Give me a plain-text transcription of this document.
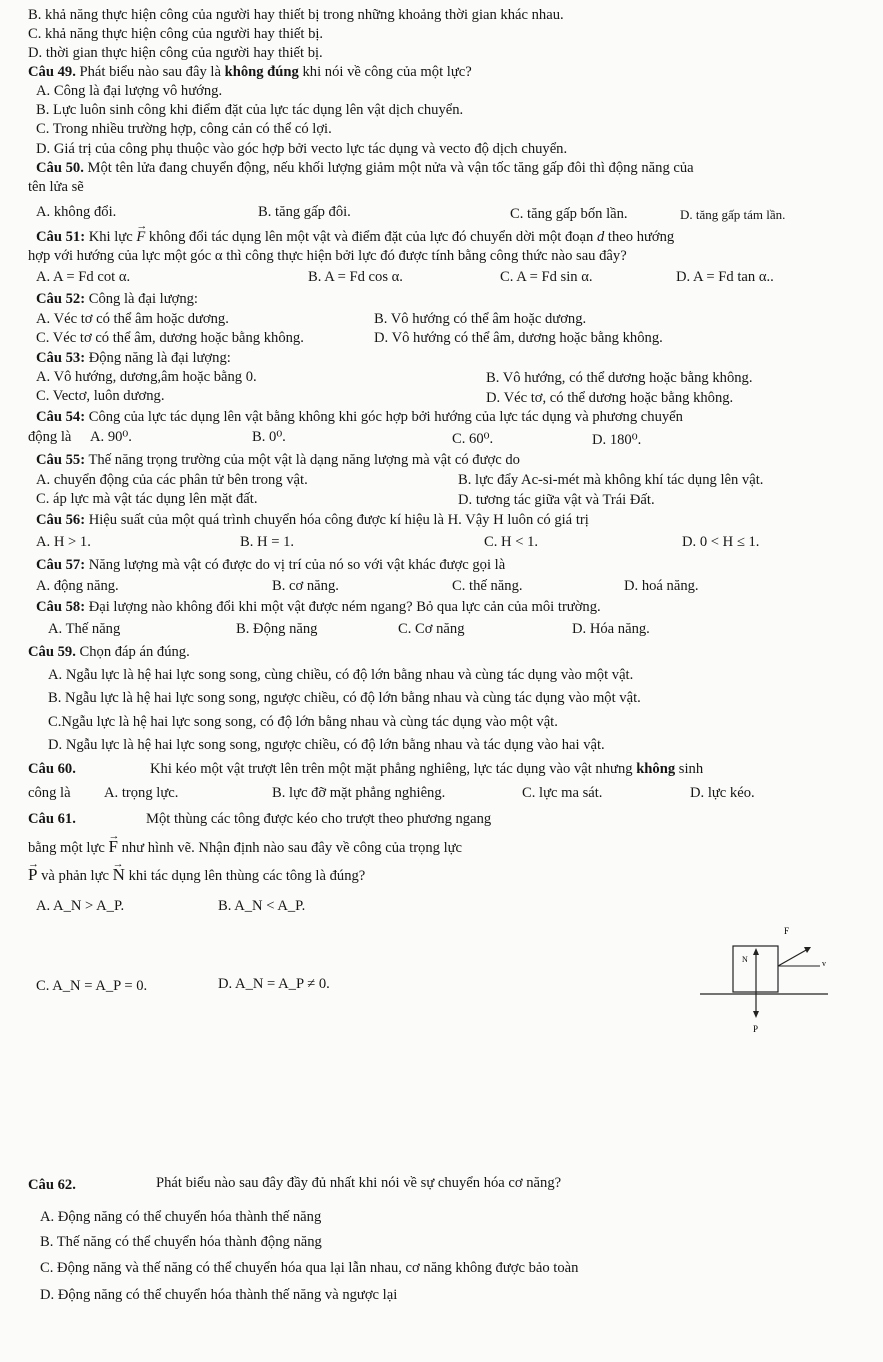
B. khả năng thực hiện công của người hay thiết bị trong những khoảng thời gian khác nhau.
C. khả năng thực hiện công của người hay thiết bị.
D. thời gian thực hiện công của người hay thiết bị.
Câu 49. Phát biểu nào sau đây là không đúng khi nói về công của một lực?
A. Công là đại lượng vô hướng.
B. Lực luôn sinh công khi điểm đặt của lực tác dụng lên vật dịch chuyển.
C. Trong nhiều trường hợp, công cản có thể có lợi.
D. Giá trị của công phụ thuộc vào góc hợp bởi vecto lực tác dụng và vecto độ dịch chuyển.
Câu 50. Một tên lửa đang chuyển động, nếu khối lượng giảm một nửa và vận tốc tăng gấp đôi thì động năng của
tên lửa sẽ
A. không đổi.	B. tăng gấp đôi.	C. tăng gấp bốn lần.	D. tăng gấp tám lần.
Câu 51: Khi lực → F không đổi tác dụng lên một vật và điểm đặt của lực đó chuyển dời một đoạn d theo hướng
hợp với hướng của lực một góc α thì công thực hiện bởi lực đó được tính bằng công thức nào sau đây?
A. A = Fd cot α.	B. A = Fd cos α.	C. A = Fd sin α.	D. A = Fd tan α..
Câu 52: Công là đại lượng:
A. Véc tơ có thể âm hoặc dương.	B. Vô hướng có thể âm hoặc dương.
C. Véc tơ có thể âm, dương hoặc bằng không.	D. Vô hướng có thể âm, dương hoặc bằng không.
Câu 53: Động năng là đại lượng:
A. Vô hướng, dương,âm hoặc bằng 0.	B. Vô hướng, có thể dương hoặc bằng không.
C. Vectơ, luôn dương.	D. Véc tơ, có thể dương hoặc bằng không.
Câu 54: Công của lực tác dụng lên vật bằng không khi góc hợp bởi hướng của lực tác dụng và phương chuyển
động là A. 90⁰.	B. 0⁰.	C. 60⁰.	D. 180⁰.
Câu 55: Thế năng trọng trường của một vật là dạng năng lượng mà vật có được do
A. chuyển động của các phân tử bên trong vật.	B. lực đẩy Ac-si-mét mà không khí tác dụng lên vật.
C. áp lực mà vật tác dụng lên mặt đất.	D. tương tác giữa vật và Trái Đất.
Câu 56: Hiệu suất của một quá trình chuyển hóa công được kí hiệu là H. Vậy H luôn có giá trị
A. H > 1.	B. H = 1.	C. H < 1.	D. 0 < H ≤ 1.
Câu 57: Năng lượng mà vật có được do vị trí của nó so với vật khác được gọi là
A. động năng.	B. cơ năng.	C. thế năng.	D. hoá năng.
Câu 58: Đại lượng nào không đổi khi một vật được ném ngang? Bỏ qua lực cản của môi trường.
A. Thế năng	B. Động năng	C. Cơ năng	D. Hóa năng.
Câu 59. Chọn đáp án đúng.
A. Ngẫu lực là hệ hai lực song song, cùng chiều, có độ lớn bằng nhau và cùng tác dụng vào một vật.
B. Ngẫu lực là hệ hai lực song song, ngược chiều, có độ lớn bằng nhau và cùng tác dụng vào một vật.
C.Ngẫu lực là hệ hai lực song song, có độ lớn bằng nhau và cùng tác dụng vào một vật.
D. Ngẫu lực là hệ hai lực song song, ngược chiều, có độ lớn bằng nhau và tác dụng vào hai vật.
Câu 60.	Khi kéo một vật trượt lên trên một mặt phẳng nghiêng, lực tác dụng vào vật nhưng không sinh
công là A. trọng lực.	B. lực đỡ mặt phẳng nghiêng.	C. lực ma sát.	D. lực kéo.
Câu 61.	Một thùng các tông được kéo cho trượt theo phương ngang
bằng một lực → F như hình vẽ. Nhận định nào sau đây về công của trọng lực
→ P và phản lực → N khi tác dụng lên thùng các tông là đúng?
A. A_N > A_P.	B. A_N < A_P.
C. A_N = A_P = 0.	D. A_N = A_P ≠ 0.
F
N	v
P
Câu 62.	Phát biểu nào sau đây đầy đủ nhất khi nói về sự chuyển hóa cơ năng?
A. Động năng có thể chuyển hóa thành thế năng
B. Thế năng có thể chuyển hóa thành động năng
C. Động năng và thế năng có thể chuyển hóa qua lại lẫn nhau, cơ năng không được bảo toàn
D. Động năng có thể chuyển hóa thành thế năng và ngược lại
